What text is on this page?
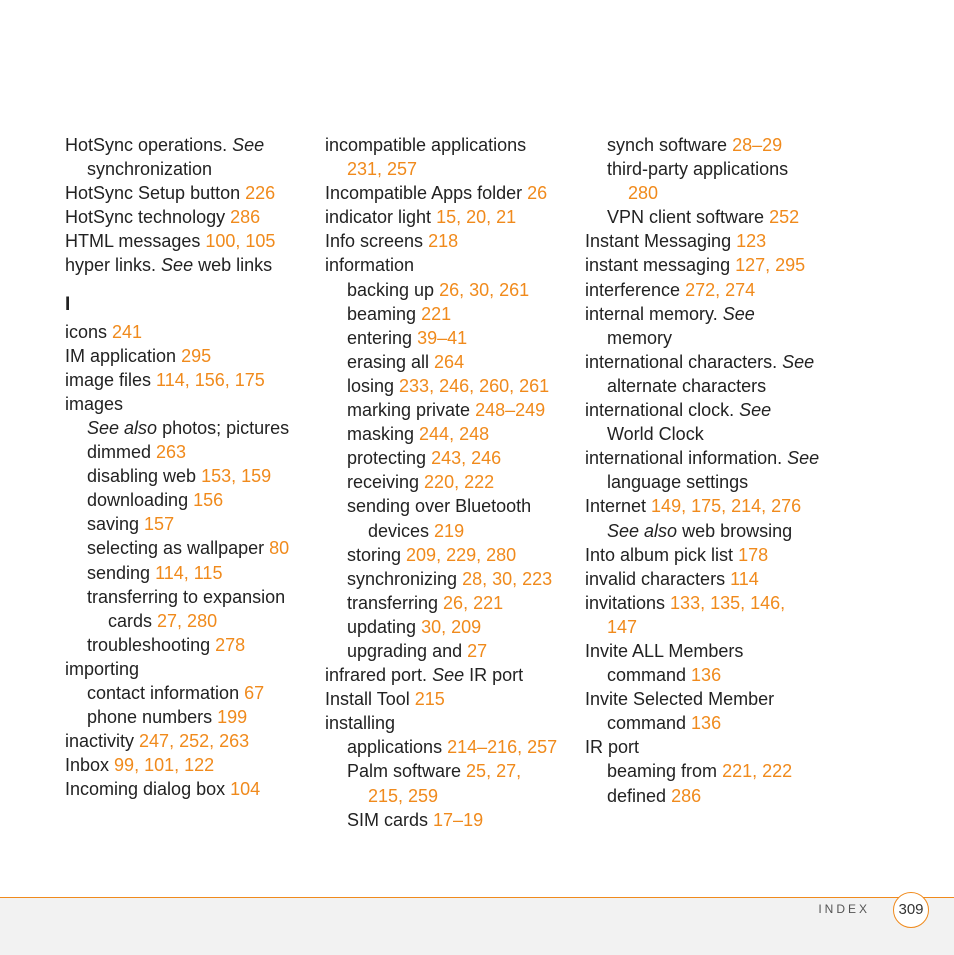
HotSync operations. See
synchronization
HotSync Setup button 226
HotSync technology 286
HTML messages 100, 105
hyper links. See web links
I
icons 241
IM application 295
image files 114, 156, 175
images
See also photos; pictures
dimmed 263
disabling web 153, 159
downloading 156
saving 157
selecting as wallpaper 80
sending 114, 115
transferring to expansion
cards 27, 280
troubleshooting 278
importing
contact information 67
phone numbers 199
inactivity 247, 252, 263
Inbox 99, 101, 122
Incoming dialog box 104
incompatible applications
231, 257
Incompatible Apps folder 26
indicator light 15, 20, 21
Info screens 218
information
backing up 26, 30, 261
beaming 221
entering 39–41
erasing all 264
losing 233, 246, 260, 261
marking private 248–249
masking 244, 248
protecting 243, 246
receiving 220, 222
sending over Bluetooth
devices 219
storing 209, 229, 280
synchronizing 28, 30, 223
transferring 26, 221
updating 30, 209
upgrading and 27
infrared port. See IR port
Install Tool 215
installing
applications 214–216, 257
Palm software 25, 27,
215, 259
SIM cards 17–19
synch software 28–29
third-party applications
280
VPN client software 252
Instant Messaging 123
instant messaging 127, 295
interference 272, 274
internal memory. See
memory
international characters. See
alternate characters
international clock. See
World Clock
international information. See
language settings
Internet 149, 175, 214, 276
See also web browsing
Into album pick list 178
invalid characters 114
invitations 133, 135, 146,
147
Invite ALL Members
command 136
Invite Selected Member
command 136
IR port
beaming from 221, 222
defined 286
INDEX	309
